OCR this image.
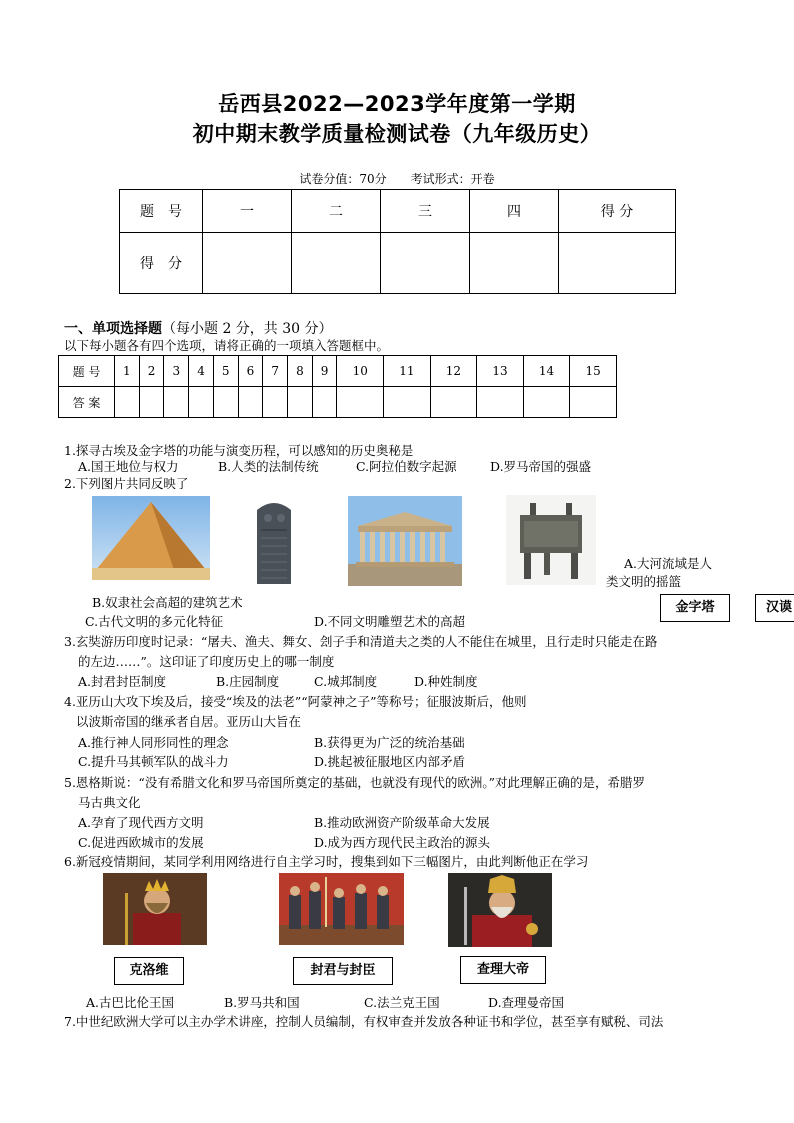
岳西县2022—2023学年度第一学期
初中期末教学质量检测试卷（九年级历史）
试卷分值：70分　　考试形式：开卷
题　号	一	二	三	四	得 分
得　分					
一、单项选择题（每小题 2 分，共 30 分）
以下每小题各有四个选项，请将正确的一项填入答题框中。
题 号	1	2	3	4	5	6	7	8	9	10	11	12	13	14	15
答 案															
1.探寻古埃及金字塔的功能与演变历程，可以感知的历史奥秘是
A.国王地位与权力	B.人类的法制传统	C.阿拉伯数字起源	D.罗马帝国的强盛
2.下列图片共同反映了
A.大河流域是人
类文明的摇篮
金字塔	汉谟
B.奴隶社会高超的建筑艺术
C.古代文明的多元化特征	D.不同文明雕塑艺术的高超
3.玄奘游历印度时记录：“屠夫、渔夫、舞女、刽子手和清道夫之类的人不能住在城里，且行走时只能走在路
的左边……”。这印证了印度历史上的哪一制度
A.封君封臣制度	B.庄园制度	C.城邦制度	D.种姓制度
4.亚历山大攻下埃及后，接受“埃及的法老”“阿蒙神之子”等称号；征服波斯后，他则
以波斯帝国的继承者自居。亚历山大旨在
A.推行神人同形同性的理念	B.获得更为广泛的统治基础
C.提升马其顿军队的战斗力	D.挑起被征服地区内部矛盾
5.恩格斯说：“没有希腊文化和罗马帝国所奠定的基础，也就没有现代的欧洲。”对此理解正确的是，希腊罗
马古典文化
A.孕育了现代西方文明	B.推动欧洲资产阶级革命大发展
C.促进西欧城市的发展	D.成为西方现代民主政治的源头
6.新冠疫情期间，某同学利用网络进行自主学习时，搜集到如下三幅图片，由此判断他正在学习
克洛维	封君与封臣	查理大帝
A.古巴比伦王国	B.罗马共和国	C.法兰克王国	D.查理曼帝国
7.中世纪欧洲大学可以主办学术讲座，控制人员编制，有权审查并发放各种证书和学位，甚至享有赋税、司法
